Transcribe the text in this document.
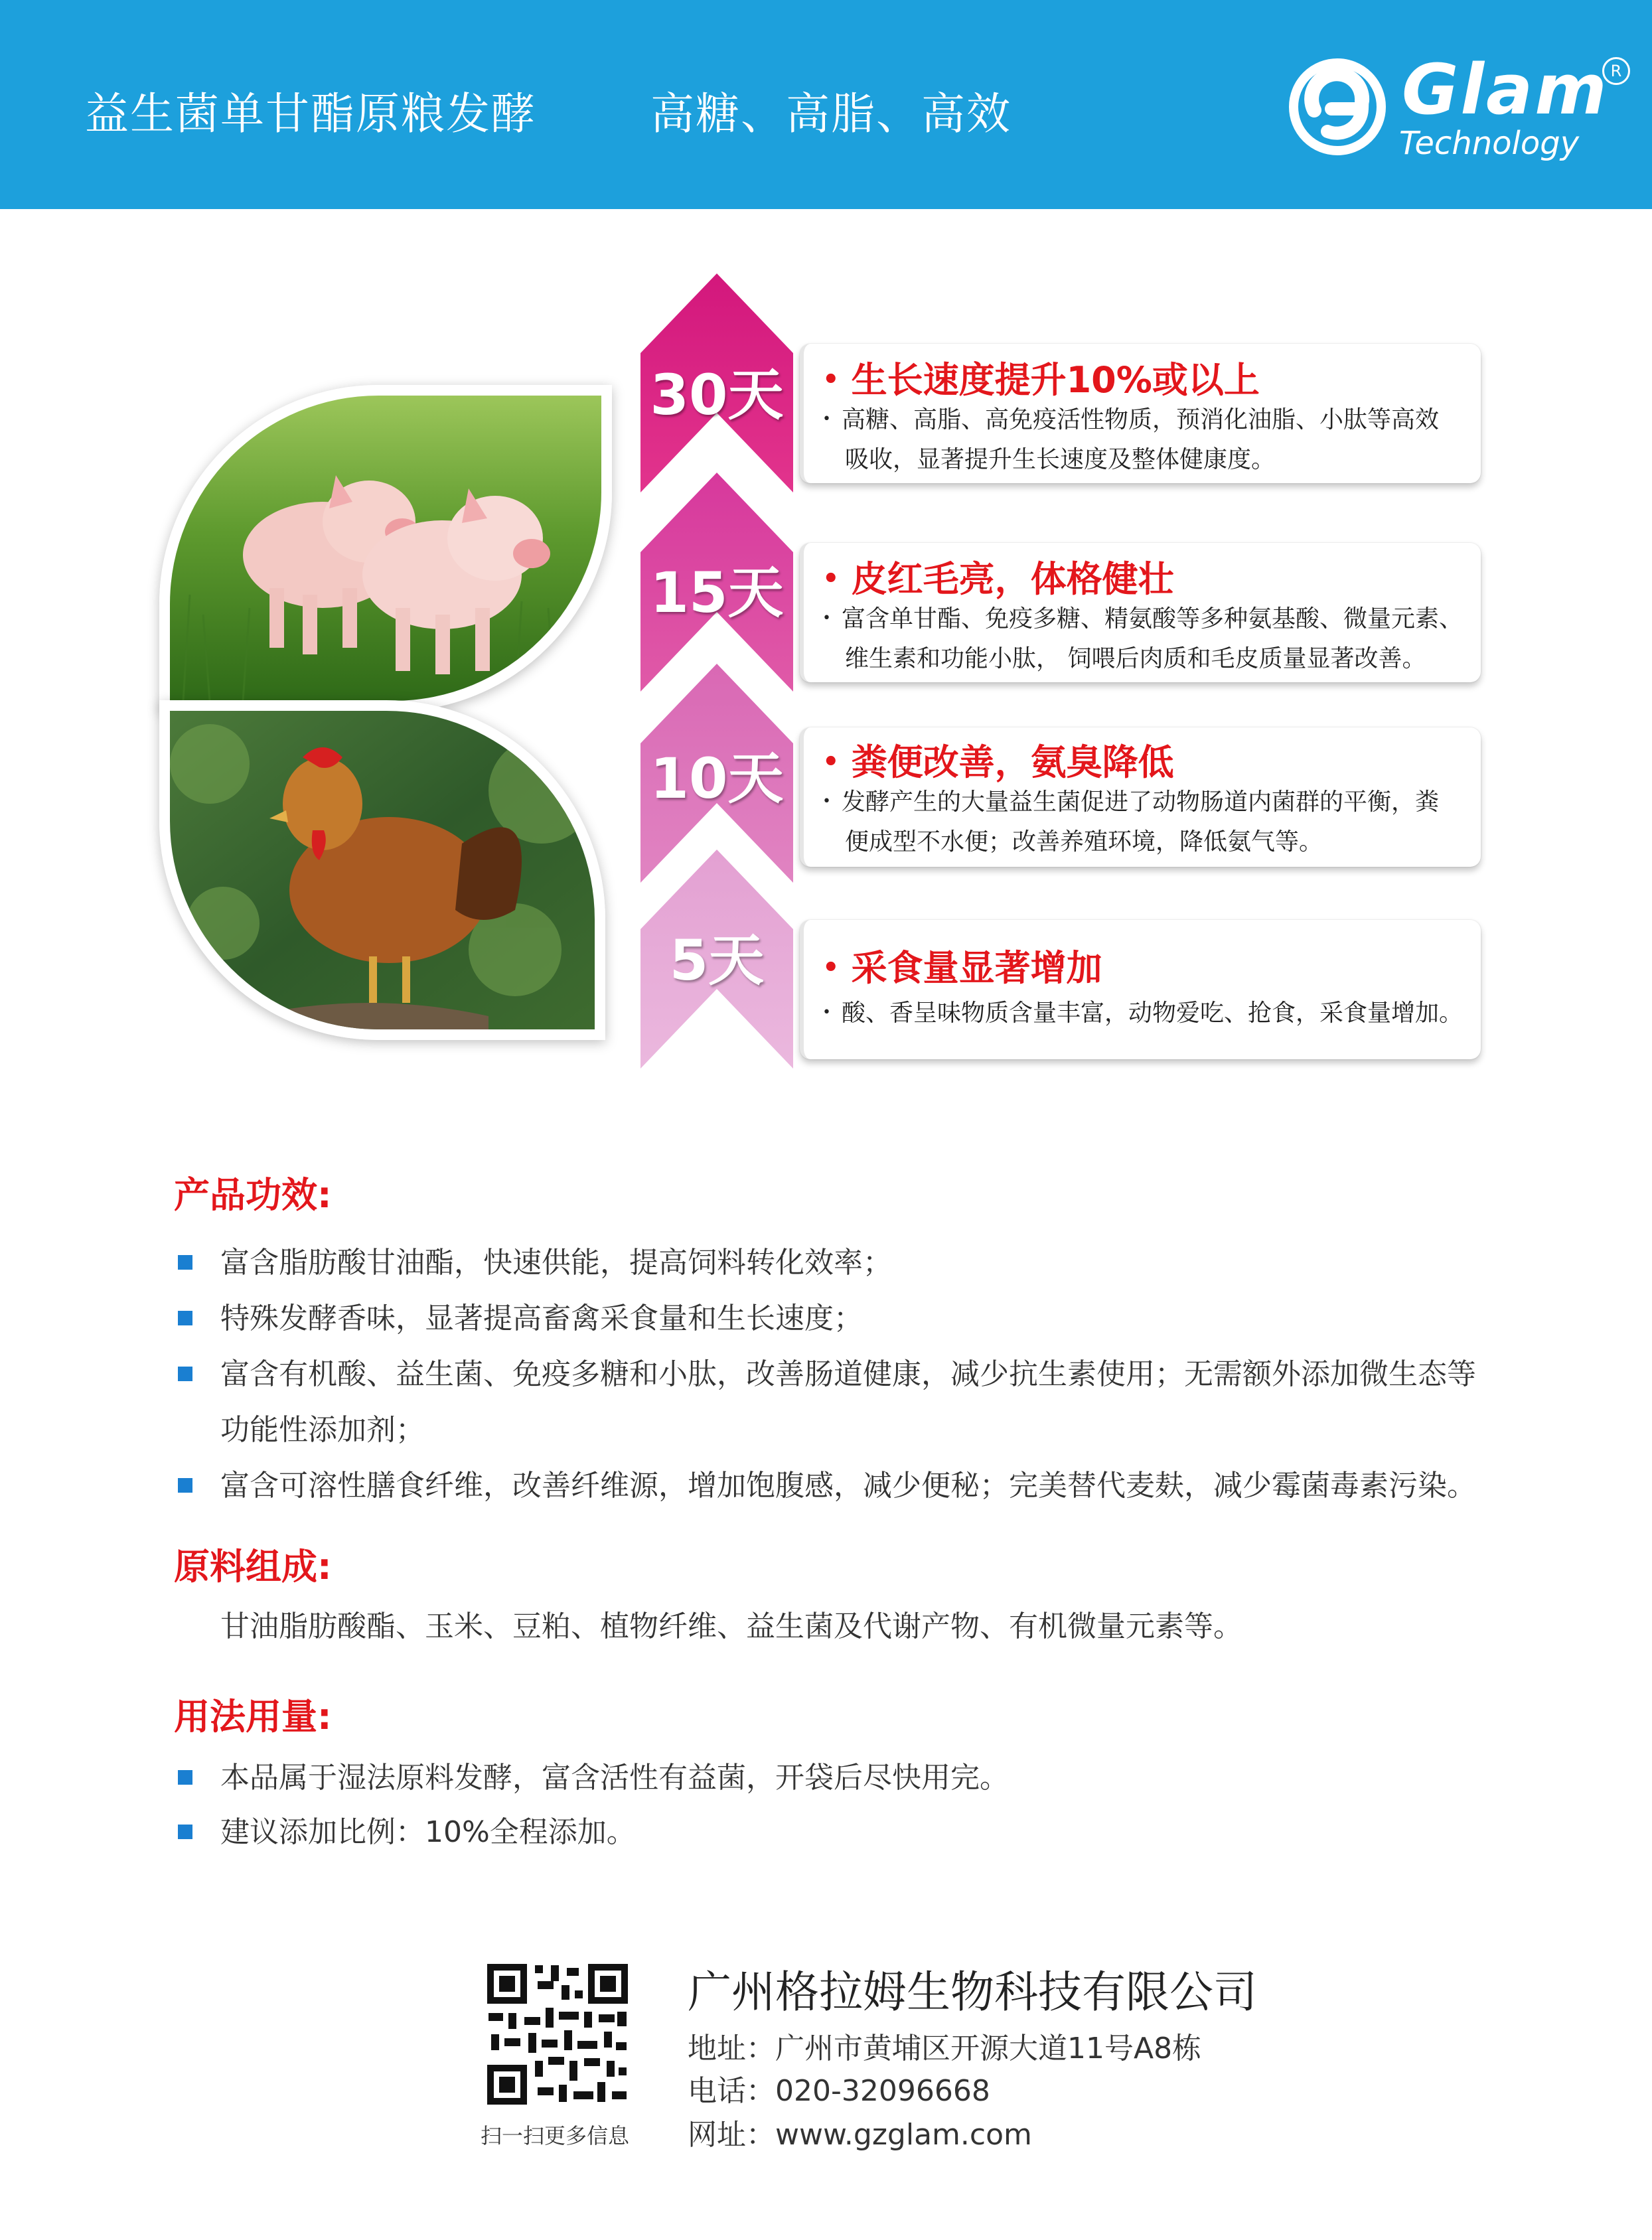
益生菌单甘酯原粮发酵	高糖、高脂、高效	Glam R
Technology
30天
15天
10天
5天
• 生长速度提升10%或以上
• 高糖、高脂、高免疫活性物质，预消化油脂、小肽等高效
吸收，显著提升生长速度及整体健康度。
• 皮红毛亮，体格健壮
• 富含单甘酯、免疫多糖、精氨酸等多种氨基酸、微量元素、
维生素和功能小肽， 饲喂后肉质和毛皮质量显著改善。
• 粪便改善，氨臭降低
• 发酵产生的大量益生菌促进了动物肠道内菌群的平衡，粪
便成型不水便；改善养殖环境，降低氨气等。
• 采食量显著增加
• 酸、香呈味物质含量丰富，动物爱吃、抢食，采食量增加。
产品功效:
富含脂肪酸甘油酯，快速供能，提高饲料转化效率；
特殊发酵香味，显著提高畜禽采食量和生长速度；
富含有机酸、益生菌、免疫多糖和小肽，改善肠道健康，减少抗生素使用；无需额外添加微生态等
功能性添加剂；
富含可溶性膳食纤维，改善纤维源，增加饱腹感，减少便秘；完美替代麦麸，减少霉菌毒素污染。
原料组成:
甘油脂肪酸酯、玉米、豆粕、植物纤维、益生菌及代谢产物、有机微量元素等。
用法用量:
本品属于湿法原料发酵，富含活性有益菌，开袋后尽快用完。
建议添加比例：10%全程添加。
扫一扫更多信息
广州格拉姆生物科技有限公司
地址：广州市黄埔区开源大道11号A8栋
电话：020-32096668
网址：www.gzglam.com
